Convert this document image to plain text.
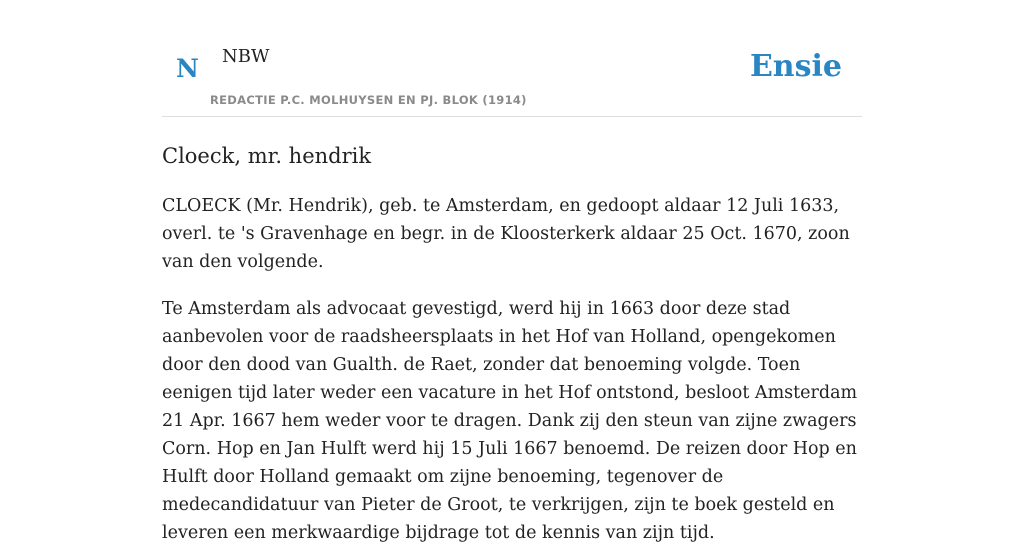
N NBW
REDACTIE P.C. MOLHUYSEN EN PJ. BLOK (1914)
Ensie
Cloeck, mr. hendrik

CLOECK (Mr. Hendrik), geb. te Amsterdam, en gedoopt aldaar 12 Juli 1633, overl. te 's Gravenhage en begr. in de Kloosterkerk aldaar 25 Oct. 1670, zoon van den volgende.

Te Amsterdam als advocaat gevestigd, werd hij in 1663 door deze stad aanbevolen voor de raadsheersplaats in het Hof van Holland, opengekomen door den dood van Gualth. de Raet, zonder dat benoeming volgde. Toen eenigen tijd later weder een vacature in het Hof ontstond, besloot Amsterdam 21 Apr. 1667 hem weder voor te dragen. Dank zij den steun van zijne zwagers Corn. Hop en Jan Hulft werd hij 15 Juli 1667 benoemd. De reizen door Hop en Hulft door Holland gemaakt om zijne benoeming, tegenover de medecandidatuur van Pieter de Groot, te verkrijgen, zijn te boek gesteld en leveren een merkwaardige bijdrage tot de kennis van zijn tijd.
